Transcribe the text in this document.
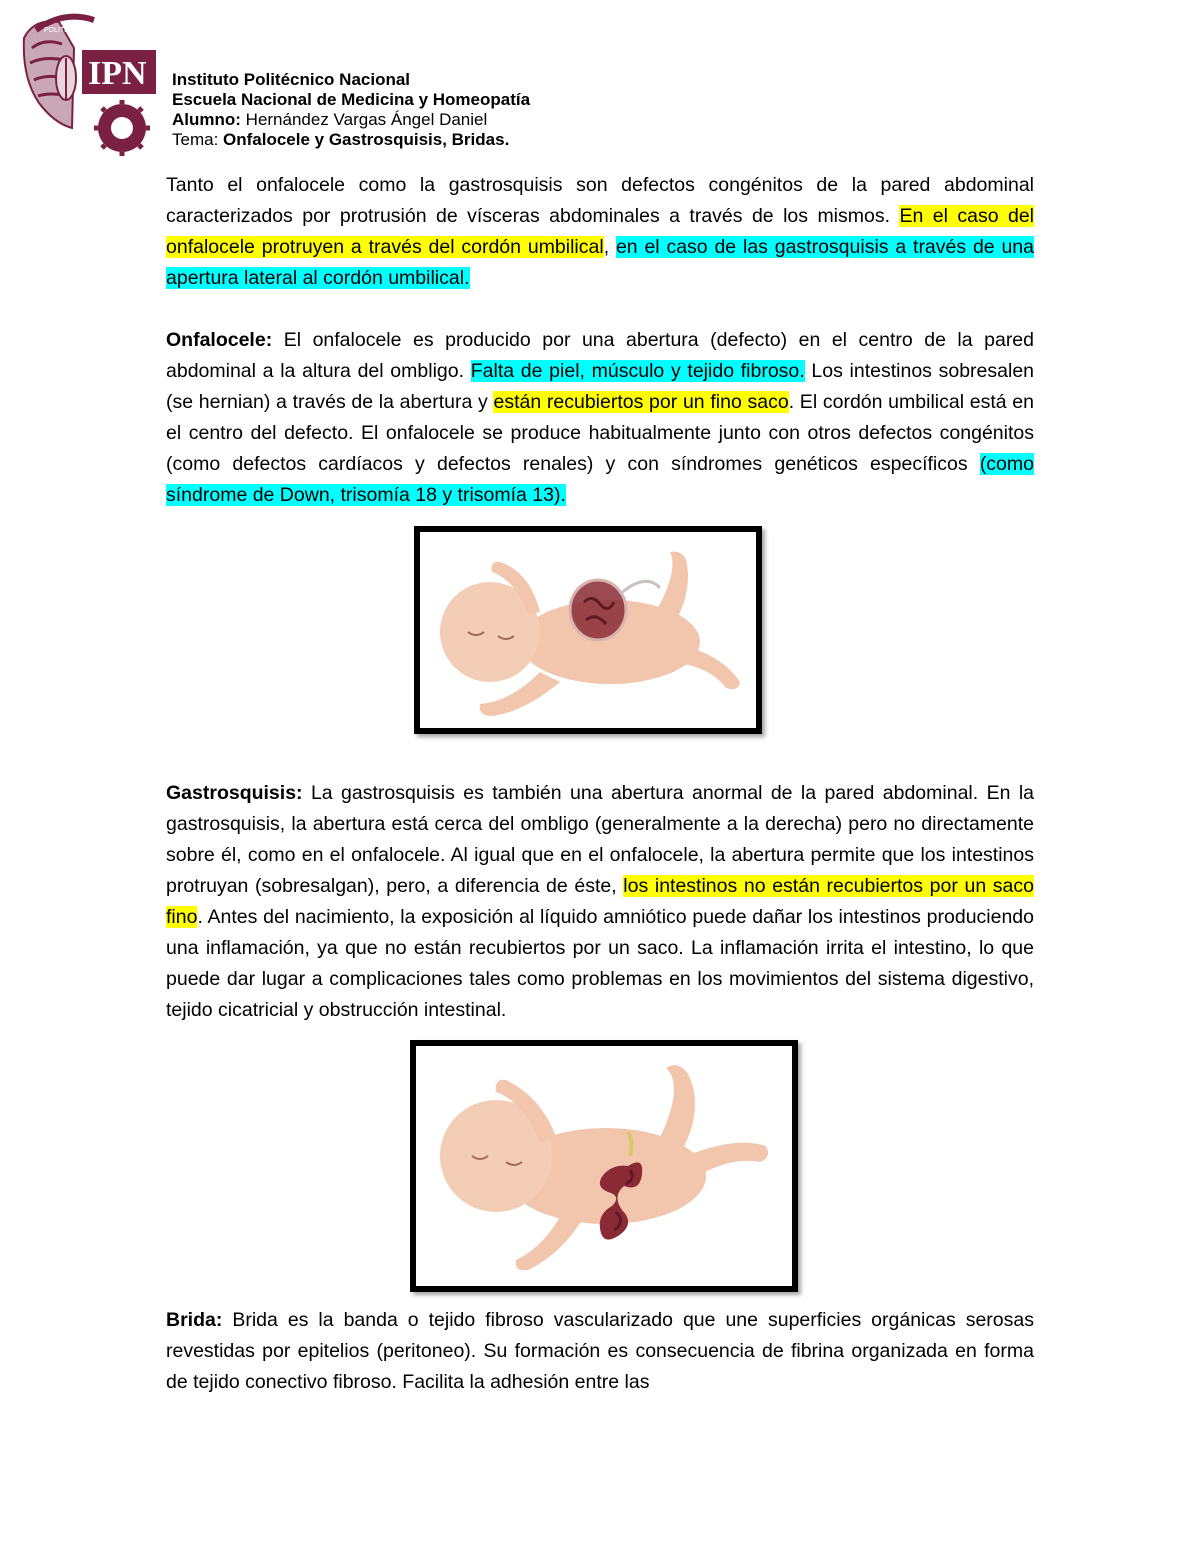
IPN
POLITÉCNICO
Instituto Politécnico Nacional
Escuela Nacional de Medicina y Homeopatía
Alumno: Hernández Vargas Ángel Daniel
Tema: Onfalocele y Gastrosquisis, Bridas.

Tanto el onfalocele como la gastrosquisis son defectos congénitos de la pared abdominal caracterizados por protrusión de vísceras abdominales a través de los mismos. En el caso del onfalocele protruyen a través del cordón umbilical, en el caso de las gastrosquisis a través de una apertura lateral al cordón umbilical.

Onfalocele: El onfalocele es producido por una abertura (defecto) en el centro de la pared abdominal a la altura del ombligo. Falta de piel, músculo y tejido fibroso. Los intestinos sobresalen (se hernian) a través de la abertura y están recubiertos por un fino saco. El cordón umbilical está en el centro del defecto. El onfalocele se produce habitualmente junto con otros defectos congénitos (como defectos cardíacos y defectos renales) y con síndromes genéticos específicos (como síndrome de Down, trisomía 18 y trisomía 13).

Gastrosquisis: La gastrosquisis es también una abertura anormal de la pared abdominal. En la gastrosquisis, la abertura está cerca del ombligo (generalmente a la derecha) pero no directamente sobre él, como en el onfalocele. Al igual que en el onfalocele, la abertura permite que los intestinos protruyan (sobresalgan), pero, a diferencia de éste, los intestinos no están recubiertos por un saco fino. Antes del nacimiento, la exposición al líquido amniótico puede dañar los intestinos produciendo una inflamación, ya que no están recubiertos por un saco. La inflamación irrita el intestino, lo que puede dar lugar a complicaciones tales como problemas en los movimientos del sistema digestivo, tejido cicatricial y obstrucción intestinal.

Brida: Brida es la banda o tejido fibroso vascularizado que une superficies orgánicas serosas revestidas por epitelios (peritoneo). Su formación es consecuencia de fibrina organizada en forma de tejido conectivo fibroso. Facilita la adhesión entre las
